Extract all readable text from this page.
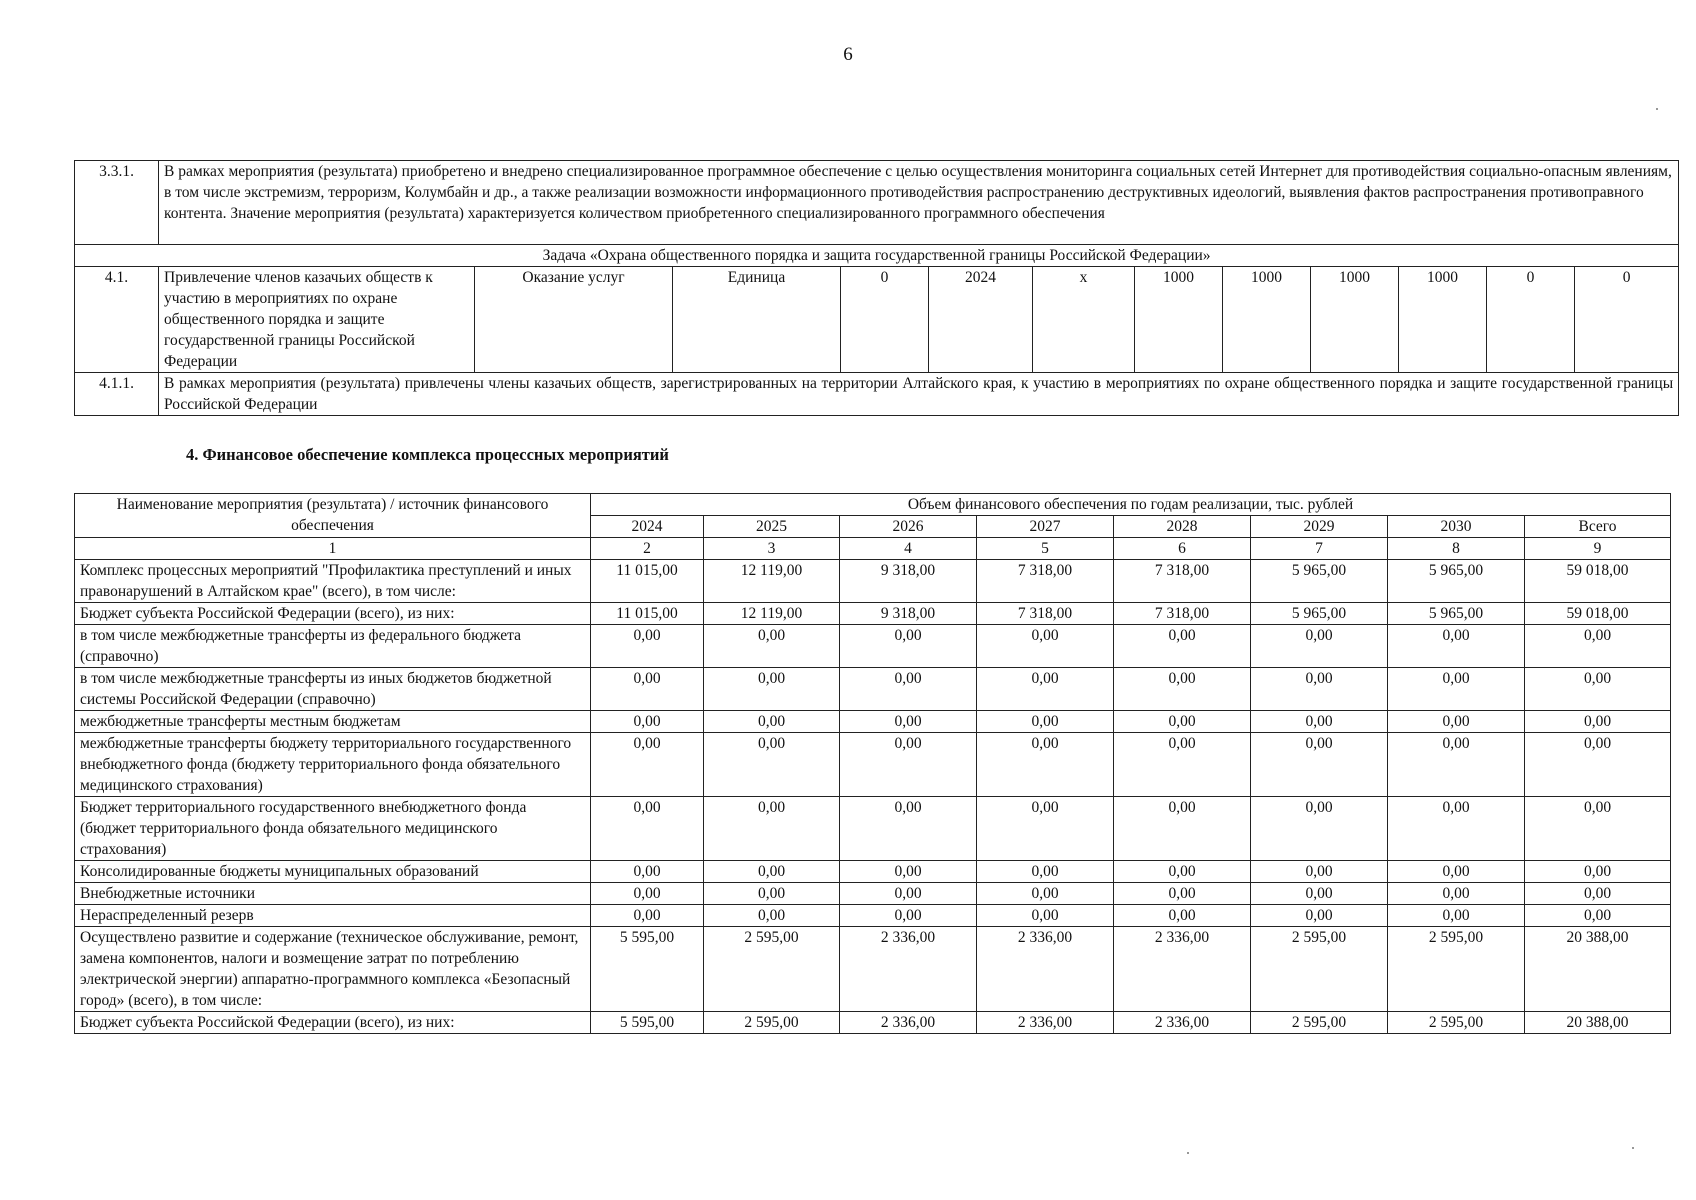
6
3.3.1.	В рамках мероприятия (результата) приобретено и внедрено специализированное программное обеспечение с целью осуществления мониторинга социальных сетей Интернет для противодействия социально-опасным явлениям, в том числе экстремизм, терроризм, Колумбайн и др., а также реализации возможности информационного противодействия распространению деструктивных идеологий, выявления фактов распространения противоправного контента. Значение мероприятия (результата) характеризуется количеством приобретенного специализированного программного обеспечения											
Задача «Охрана общественного порядка и защита государственной границы Российской Федерации»												
4.1.	Привлечение членов казачьих обществ к участию в мероприятиях по охране общественного порядка и защите государственной границы Российской Федерации	Оказание услуг	Единица	0	2024	x	1000	1000	1000	1000	0	0
4.1.1.	В рамках мероприятия (результата) привлечены члены казачьих обществ, зарегистрированных на территории Алтайского края, к участию в мероприятиях по охране общественного порядка и защите государственной границы Российской Федерации											
4. Финансовое обеспечение комплекса процессных мероприятий
Наименование мероприятия (результата) / источник финансового обеспечения	Объем финансового обеспечения по годам реализации, тыс. рублей							
	2024	2025	2026	2027	2028	2029	2030	Всего
1	2	3	4	5	6	7	8	9
Комплекс процессных мероприятий "Профилактика преступлений и иных правонарушений в Алтайском крае" (всего), в том числе:	11 015,00	12 119,00	9 318,00	7 318,00	7 318,00	5 965,00	5 965,00	59 018,00
Бюджет субъекта Российской Федерации (всего), из них:	11 015,00	12 119,00	9 318,00	7 318,00	7 318,00	5 965,00	5 965,00	59 018,00
в том числе межбюджетные трансферты из федерального бюджета (справочно)	0,00	0,00	0,00	0,00	0,00	0,00	0,00	0,00
в том числе межбюджетные трансферты из иных бюджетов бюджетной системы Российской Федерации (справочно)	0,00	0,00	0,00	0,00	0,00	0,00	0,00	0,00
межбюджетные трансферты местным бюджетам	0,00	0,00	0,00	0,00	0,00	0,00	0,00	0,00
межбюджетные трансферты бюджету территориального государственного внебюджетного фонда (бюджету территориального фонда обязательного медицинского страхования)	0,00	0,00	0,00	0,00	0,00	0,00	0,00	0,00
Бюджет территориального государственного внебюджетного фонда (бюджет территориального фонда обязательного медицинского страхования)	0,00	0,00	0,00	0,00	0,00	0,00	0,00	0,00
Консолидированные бюджеты муниципальных образований	0,00	0,00	0,00	0,00	0,00	0,00	0,00	0,00
Внебюджетные источники	0,00	0,00	0,00	0,00	0,00	0,00	0,00	0,00
Нераспределенный резерв	0,00	0,00	0,00	0,00	0,00	0,00	0,00	0,00
Осуществлено развитие и содержание (техническое обслуживание, ремонт, замена компонентов, налоги и возмещение затрат по потреблению электрической энергии) аппаратно-программного комплекса «Безопасный город» (всего), в том числе:	5 595,00	2 595,00	2 336,00	2 336,00	2 336,00	2 595,00	2 595,00	20 388,00
Бюджет субъекта Российской Федерации (всего), из них:	5 595,00	2 595,00	2 336,00	2 336,00	2 336,00	2 595,00	2 595,00	20 388,00
